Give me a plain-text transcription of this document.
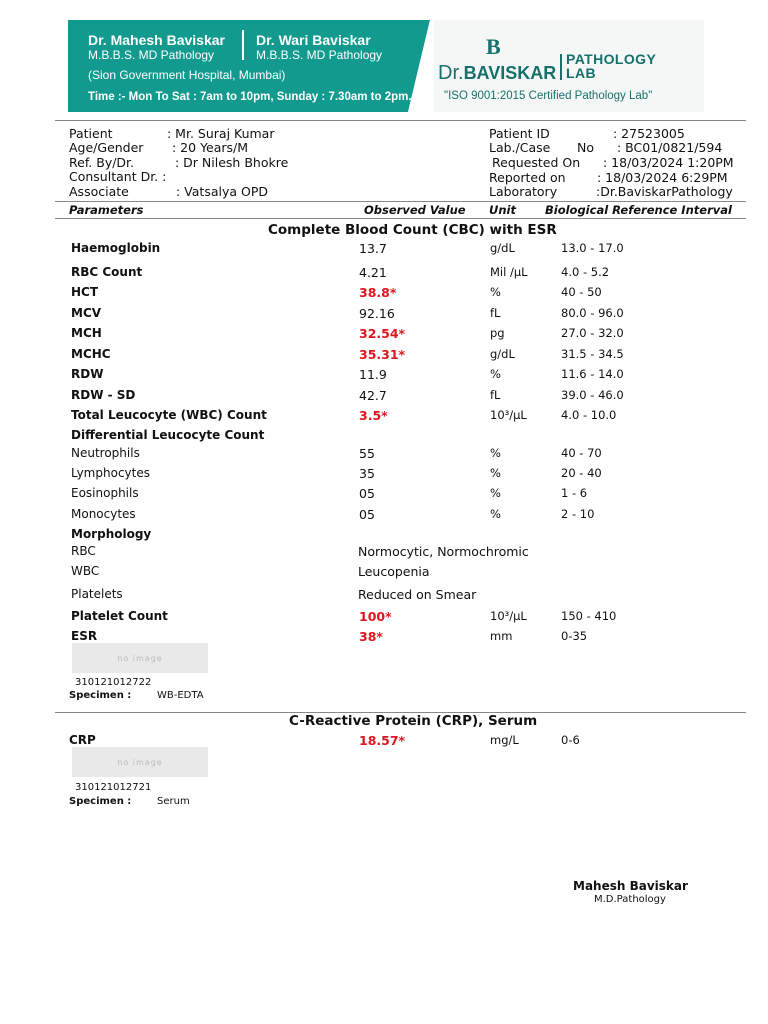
Dr. Mahesh Baviskar
M.B.B.S. MD Pathology
Dr. Wari Baviskar
M.B.B.S. MD Pathology
(Sion Government Hospital, Mumbai)
Time :- Mon To Sat : 7am to 10pm, Sunday : 7.30am to 2pm.
B
Dr.BAVISKAR
PATHOLOGY
LAB
"ISO 9001:2015 Certified Pathology Lab"
Patient	: Mr. Suraj Kumar
Age/Gender : 20 Years/M
Ref. By/Dr.	: Dr Nilesh Bhokre
Consultant Dr. :
Associate	: Vatsalya OPD
Patient ID	: 27523005
Lab./Case No : BC01/0821/594
Requested On : 18/03/2024 1:20PM
Reported on	: 18/03/2024 6:29PM
Laboratory	:Dr.BaviskarPathology
Parameters	Observed Value Unit	Biological Reference Interval
Complete Blood Count (CBC) with ESR
Haemoglobin	13.7	g/dL	13.0 - 17.0
RBC Count	4.21	Mil /µL	4.0 - 5.2
HCT	38.8*	%	40 - 50
MCV	92.16	fL	80.0 - 96.0
MCH	32.54*	pg	27.0 - 32.0
MCHC	35.31*	g/dL	31.5 - 34.5
RDW	11.9	%	11.6 - 14.0
RDW - SD	42.7	fL	39.0 - 46.0
Total Leucocyte (WBC) Count	3.5*	10³/µL	4.0 - 10.0
Differential Leucocyte Count
Neutrophils	55	%	40 - 70
Lymphocytes	35	%	20 - 40
Eosinophils	05	%	1 - 6
Monocytes	05	%	2 - 10
Morphology
RBC	Normocytic, Normochromic
WBC	Leucopenia
Platelets	Reduced on Smear
Platelet Count	100*	10³/µL	150 - 410
ESR	38*	mm	0-35
no image
310121012722
Specimen :	WB-EDTA
C-Reactive Protein (CRP), Serum
CRP	18.57*	mg/L	0-6
no image
310121012721
Specimen :	Serum
Mahesh Baviskar
M.D.Pathology
